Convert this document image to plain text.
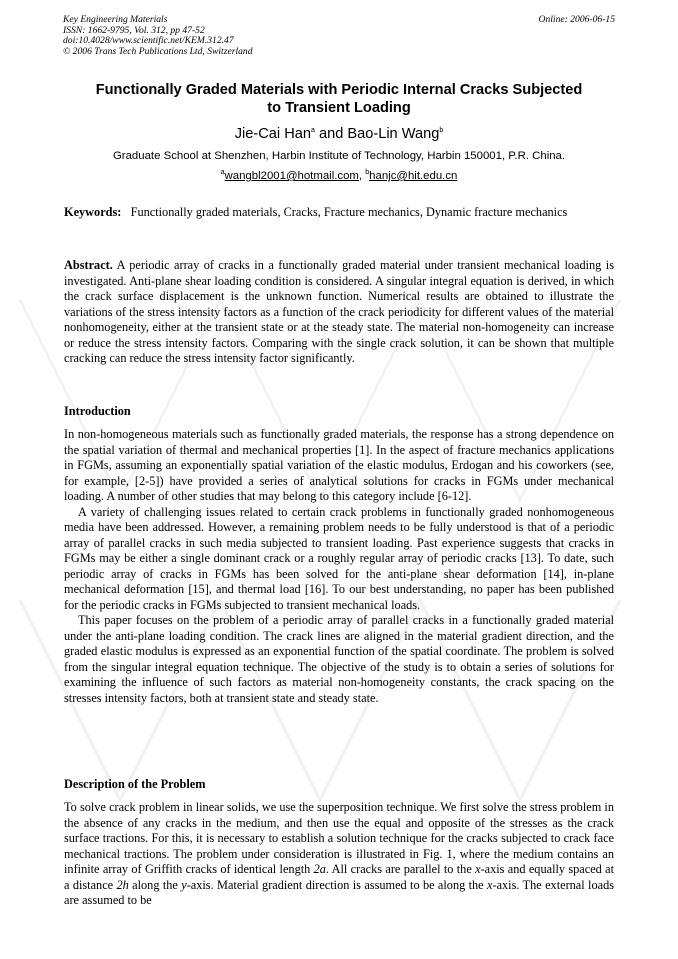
Key Engineering Materials
ISSN: 1662-9795, Vol. 312, pp 47-52
doi:10.4028/www.scientific.net/KEM.312.47
© 2006 Trans Tech Publications Ltd, Switzerland
Online: 2006-06-15
Functionally Graded Materials with Periodic Internal Cracks Subjected
to Transient Loading
Jie-Cai Han$^a$ and Bao-Lin Wang$^b$
Graduate School at Shenzhen, Harbin Institute of Technology, Harbin 150001, P.R. China.
$^a$wangbl2001@hotmail.com, $^b$hanjc@hit.edu.cn

Keywords: Functionally graded materials, Cracks, Fracture mechanics, Dynamic fracture mechanics

Abstract. A periodic array of cracks in a functionally graded material under transient mechanical loading is investigated. Anti-plane shear loading condition is considered. A singular integral equation is derived, in which the crack surface displacement is the unknown function. Numerical results are obtained to illustrate the variations of the stress intensity factors as a function of the crack periodicity for different values of the material nonhomogeneity, either at the transient state or at the steady state. The material non-homogeneity can increase or reduce the stress intensity factors. Comparing with the single crack solution, it can be shown that multiple cracking can reduce the stress intensity factor significantly.

Introduction

In non-homogeneous materials such as functionally graded materials, the response has a strong dependence on the spatial variation of thermal and mechanical properties [1]. In the aspect of fracture mechanics applications in FGMs, assuming an exponentially spatial variation of the elastic modulus, Erdogan and his coworkers (see, for example, [2-5]) have provided a series of analytical solutions for cracks in FGMs under mechanical loading. A number of other studies that may belong to this category include [6-12].

A variety of challenging issues related to certain crack problems in functionally graded nonhomogeneous media have been addressed. However, a remaining problem needs to be fully understood is that of a periodic array of parallel cracks in such media subjected to transient loading. Past experience suggests that cracks in FGMs may be either a single dominant crack or a roughly regular array of periodic cracks [13]. To date, such periodic array of cracks in FGMs has been solved for the anti-plane shear deformation [14], in-plane mechanical deformation [15], and thermal load [16]. To our best understanding, no paper has been published for the periodic cracks in FGMs subjected to transient mechanical loads.

This paper focuses on the problem of a periodic array of parallel cracks in a functionally graded material under the anti-plane loading condition. The crack lines are aligned in the material gradient direction, and the graded elastic modulus is expressed as an exponential function of the spatial coordinate. The problem is solved from the singular integral equation technique. The objective of the study is to obtain a series of solutions for examining the influence of such factors as material non-homogeneity constants, the crack spacing on the stresses intensity factors, both at transient state and steady state.

Description of the Problem

To solve crack problem in linear solids, we use the superposition technique. We first solve the stress problem in the absence of any cracks in the medium, and then use the equal and opposite of the stresses as the crack surface tractions. For this, it is necessary to establish a solution technique for the cracks subjected to crack face mechanical tractions. The problem under consideration is illustrated in Fig. 1, where the medium contains an infinite array of Griffith cracks of identical length 2a. All cracks are parallel to the x-axis and equally spaced at a distance 2h along the y-axis. Material gradient direction is assumed to be along the x-axis. The external loads are assumed to be
